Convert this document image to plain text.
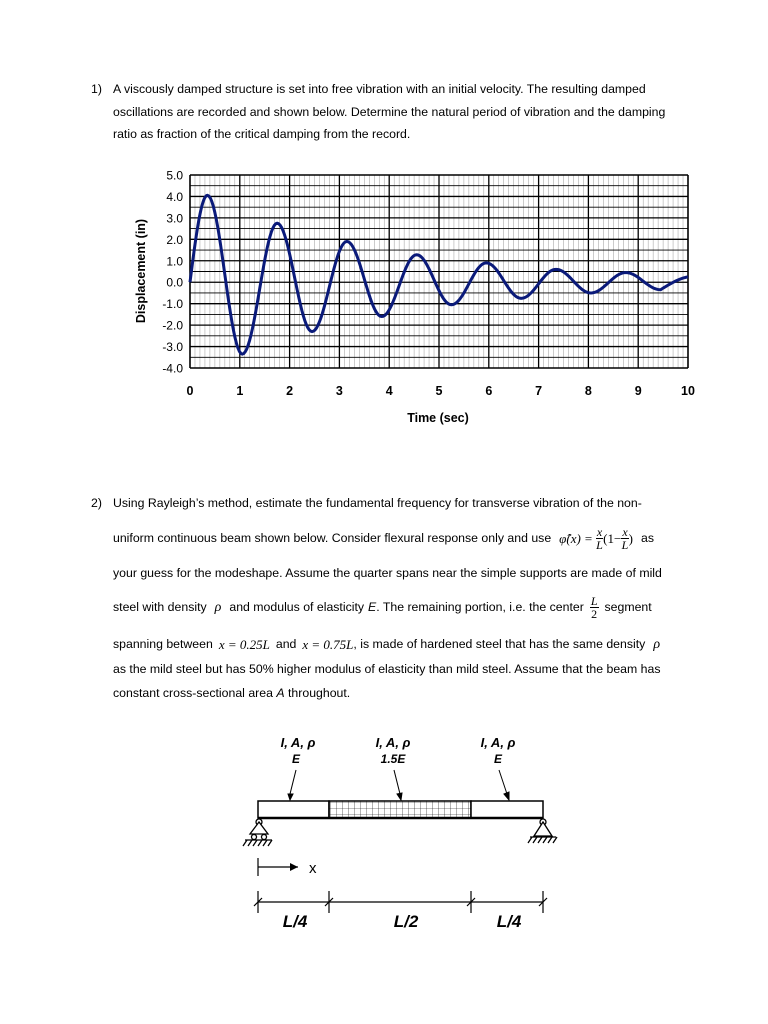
1) A viscously damped structure is set into free vibration with an initial velocity. The resulting damped
oscillations are recorded and shown below. Determine the natural period of vibration and the damping
ratio as fraction of the critical damping from the record.
5.0
4.0
3.0
2.0
1.0
0.0
-1.0
-2.0
-3.0
-4.0
0	1	2	3	4	5	6	7	8	9	10
Time (sec)
Displacement (in)
2) Using Rayleigh’s method, estimate the fundamental frequency for transverse vibration of the non-
uniform continuous beam shown below. Consider flexural response only and use φ̂(x) = $\frac{x}{L} (1- \frac{x}{L}$ ) as
your guess for the modeshape. Assume the quarter spans near the simple supports are made of mild
steel with density ρ and modulus of elasticity E . The remaining portion, i.e. the center $\frac{L}{2}$ segment
spanning between x = 0.25L and x = 0.75L , is made of hardened steel that has the same density ρ
as the mild steel but has 50% higher modulus of elasticity than mild steel. Assume that the beam has
constant cross-sectional area A throughout.
I, A, ρ
E
I, A, ρ
1.5E
I, A, ρ
E
x
L/4	L/2	L/4
